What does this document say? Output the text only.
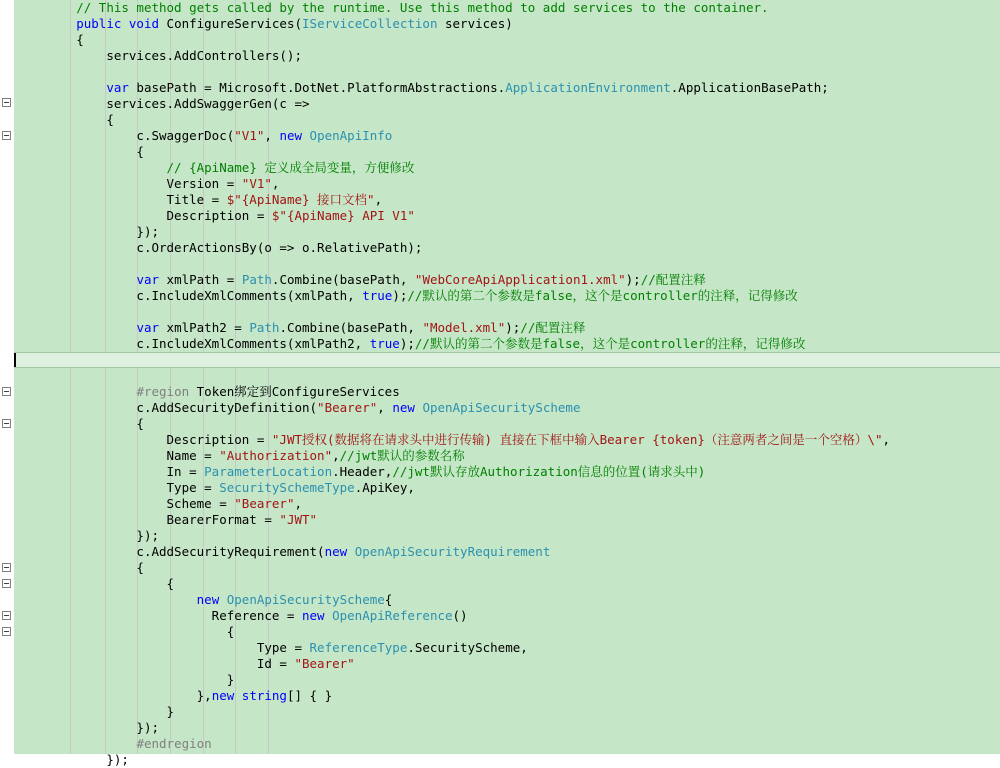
// This method gets called by the runtime. Use this method to add services to the container.
public void ConfigureServices(IServiceCollection services)
{
services.AddControllers();

var basePath = Microsoft.DotNet.PlatformAbstractions.ApplicationEnvironment.ApplicationBasePath;
services.AddSwaggerGen(c =>
{
c.SwaggerDoc("V1", new OpenApiInfo
{
// {ApiName} 定义成全局变量，方便修改
Version = "V1",
Title = $"{ApiName} 接口文档",
Description = $"{ApiName} API V1"
});
c.OrderActionsBy(o => o.RelativePath);

var xmlPath = Path.Combine(basePath, "WebCoreApiApplication1.xml");//配置注释
c.IncludeXmlComments(xmlPath, true);//默认的第二个参数是false，这个是controller的注释，记得修改

var xmlPath2 = Path.Combine(basePath, "Model.xml");//配置注释
c.IncludeXmlComments(xmlPath2, true);//默认的第二个参数是false，这个是controller的注释，记得修改

#region Token绑定到ConfigureServices
c.AddSecurityDefinition("Bearer", new OpenApiSecurityScheme
{
Description = "JWT授权(数据将在请求头中进行传输) 直接在下框中输入Bearer {token}（注意两者之间是一个空格）\",
Name = "Authorization",//jwt默认的参数名称
In = ParameterLocation.Header,//jwt默认存放Authorization信息的位置(请求头中)
Type = SecuritySchemeType.ApiKey,
Scheme = "Bearer",
BearerFormat = "JWT"
});
c.AddSecurityRequirement(new OpenApiSecurityRequirement
{
{
new OpenApiSecurityScheme{
Reference = new OpenApiReference()
{
Type = ReferenceType.SecurityScheme,
Id = "Bearer"
}
},new string[] { }
}
});
#endregion
});
